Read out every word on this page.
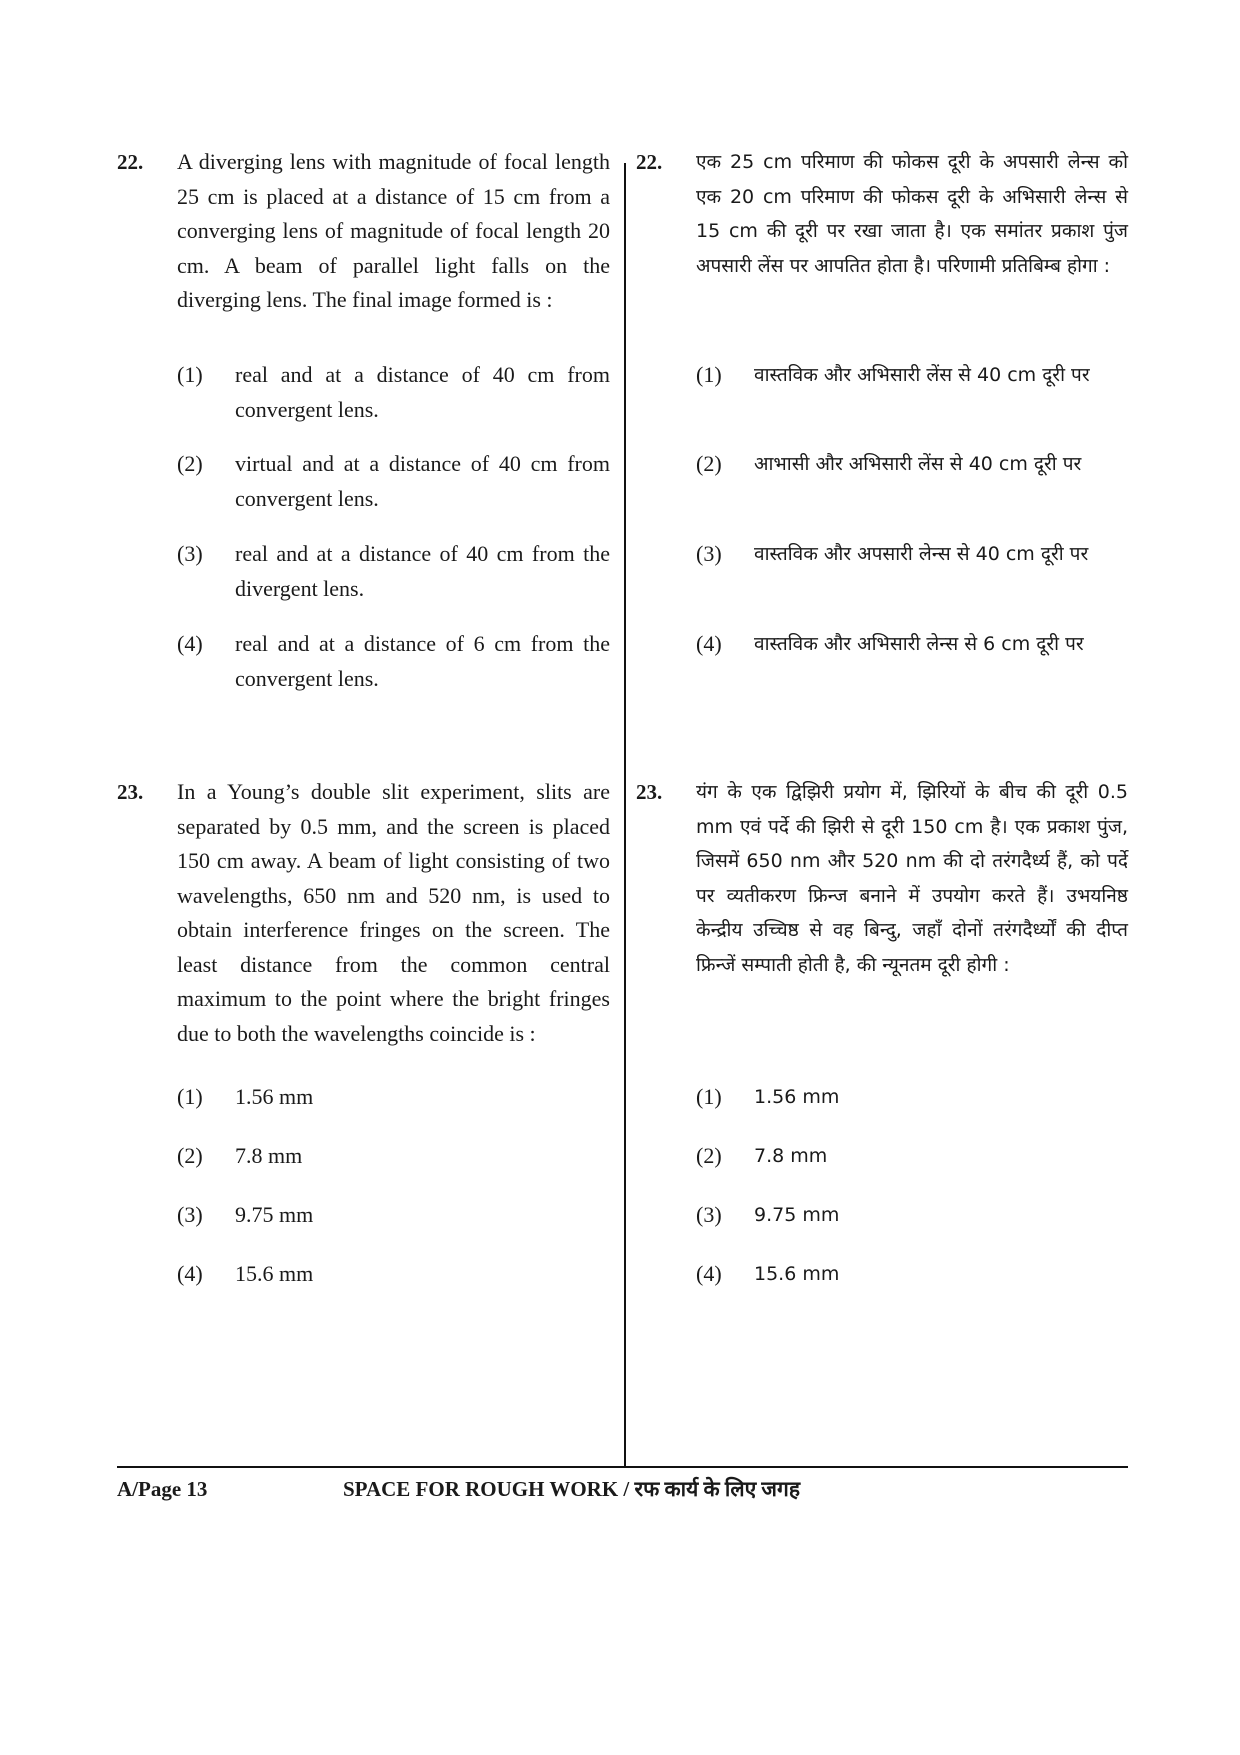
22. A diverging lens with magnitude of focal length 25 cm is placed at a distance of 15 cm from a converging lens of magnitude of focal length 20 cm. A beam of parallel light falls on the diverging lens. The final image formed is :
(1) real and at a distance of 40 cm from convergent lens.
(2) virtual and at a distance of 40 cm from convergent lens.
(3) real and at a distance of 40 cm from the divergent lens.
(4) real and at a distance of 6 cm from the convergent lens.
23. In a Young’s double slit experiment, slits are separated by 0.5 mm, and the screen is placed 150 cm away. A beam of light consisting of two wavelengths, 650 nm and 520 nm, is used to obtain interference fringes on the screen. The least distance from the common central maximum to the point where the bright fringes due to both the wavelengths coincide is :
(1) 1.56 mm
(2) 7.8 mm
(3) 9.75 mm
(4) 15.6 mm
22. एक 25 cm परिमाण की फोकस दूरी के अपसारी लेन्स को एक 20 cm परिमाण की फोकस दूरी के अभिसारी लेन्स से 15 cm की दूरी पर रखा जाता है। एक समांतर प्रकाश पुंज अपसारी लेंस पर आपतित होता है। परिणामी प्रतिबिम्ब होगा :
(1) वास्तविक और अभिसारी लेंस से 40 cm दूरी पर
(2) आभासी और अभिसारी लेंस से 40 cm दूरी पर
(3) वास्तविक और अपसारी लेन्स से 40 cm दूरी पर
(4) वास्तविक और अभिसारी लेन्स से 6 cm दूरी पर
23. यंग के एक द्विझिरी प्रयोग में, झिरियों के बीच की दूरी 0.5 mm एवं पर्दे की झिरी से दूरी 150 cm है। एक प्रकाश पुंज, जिसमें 650 nm और 520 nm की दो तरंगदैर्ध्य हैं, को पर्दे पर व्यतीकरण फ्रिन्ज बनाने में उपयोग करते हैं। उभयनिष्ठ केन्द्रीय उच्चिष्ठ से वह बिन्दु, जहाँ दोनों तरंगदैर्ध्यों की दीप्त फ्रिन्जें सम्पाती होती है, की न्यूनतम दूरी होगी :
(1) 1.56 mm
(2) 7.8 mm
(3) 9.75 mm
(4) 15.6 mm
A/Page 13	SPACE FOR ROUGH WORK / रफ कार्य के लिए जगह
